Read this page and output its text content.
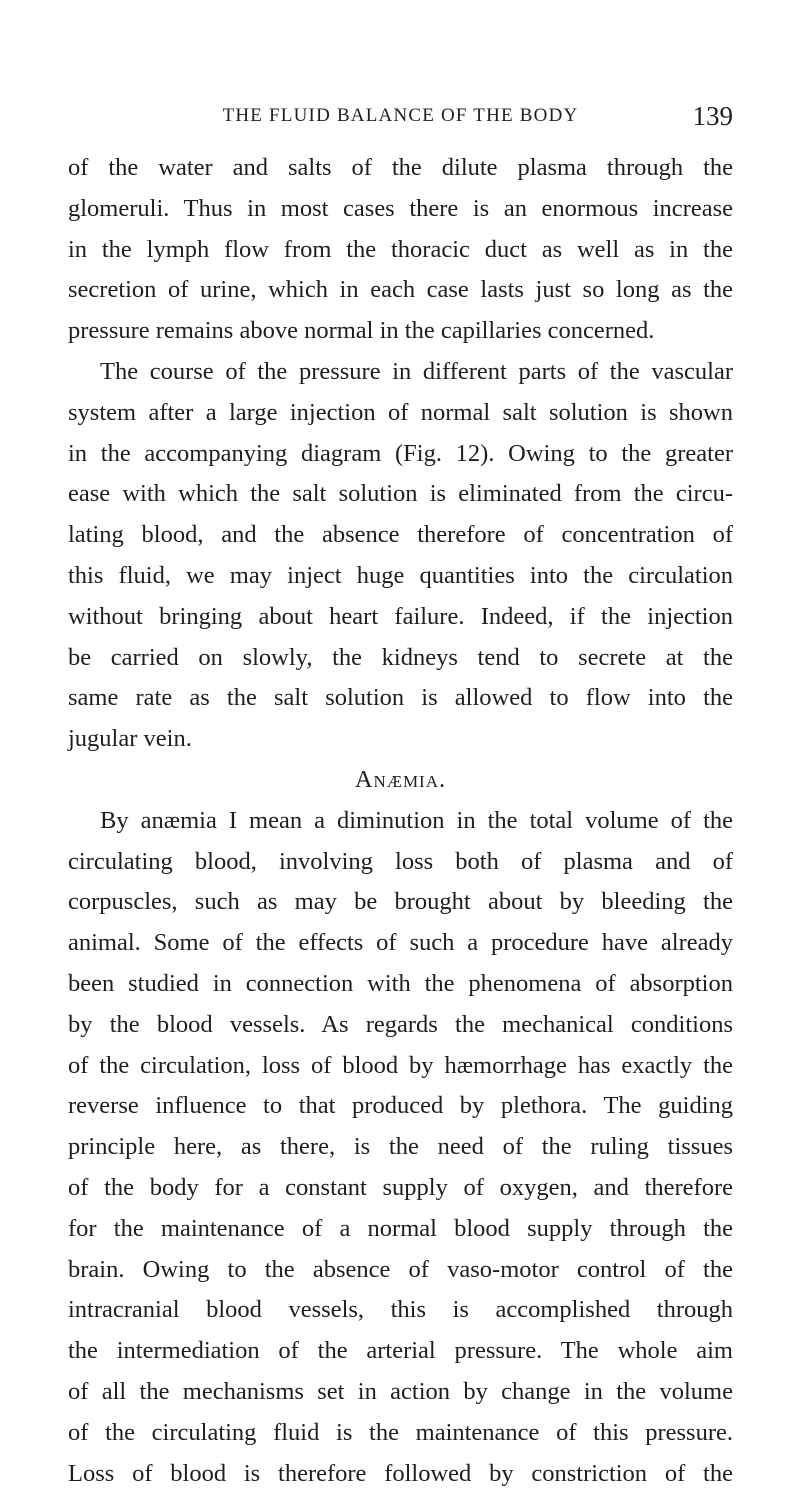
THE FLUID BALANCE OF THE BODY	139
of the water and salts of the dilute plasma through the
glomeruli. Thus in most cases there is an enormous increase
in the lymph flow from the thoracic duct as well as in the
secretion of urine, which in each case lasts just so long as the
pressure remains above normal in the capillaries concerned.
The course of the pressure in different parts of the vascular
system after a large injection of normal salt solution is shown
in the accompanying diagram (Fig. 12). Owing to the greater
ease with which the salt solution is eliminated from the circu-
lating blood, and the absence therefore of concentration of
this fluid, we may inject huge quantities into the circulation
without bringing about heart failure. Indeed, if the injection
be carried on slowly, the kidneys tend to secrete at the
same rate as the salt solution is allowed to flow into the
jugular vein.
Anæmia.
By anæmia I mean a diminution in the total volume of the
circulating blood, involving loss both of plasma and of
corpuscles, such as may be brought about by bleeding the
animal. Some of the effects of such a procedure have already
been studied in connection with the phenomena of absorption
by the blood vessels. As regards the mechanical conditions
of the circulation, loss of blood by hæmorrhage has exactly the
reverse influence to that produced by plethora. The guiding
principle here, as there, is the need of the ruling tissues
of the body for a constant supply of oxygen, and therefore
for the maintenance of a normal blood supply through the
brain. Owing to the absence of vaso-motor control of the
intracranial blood vessels, this is accomplished through
the intermediation of the arterial pressure. The whole aim
of all the mechanisms set in action by change in the volume
of the circulating fluid is the maintenance of this pressure.
Loss of blood is therefore followed by constriction of the
